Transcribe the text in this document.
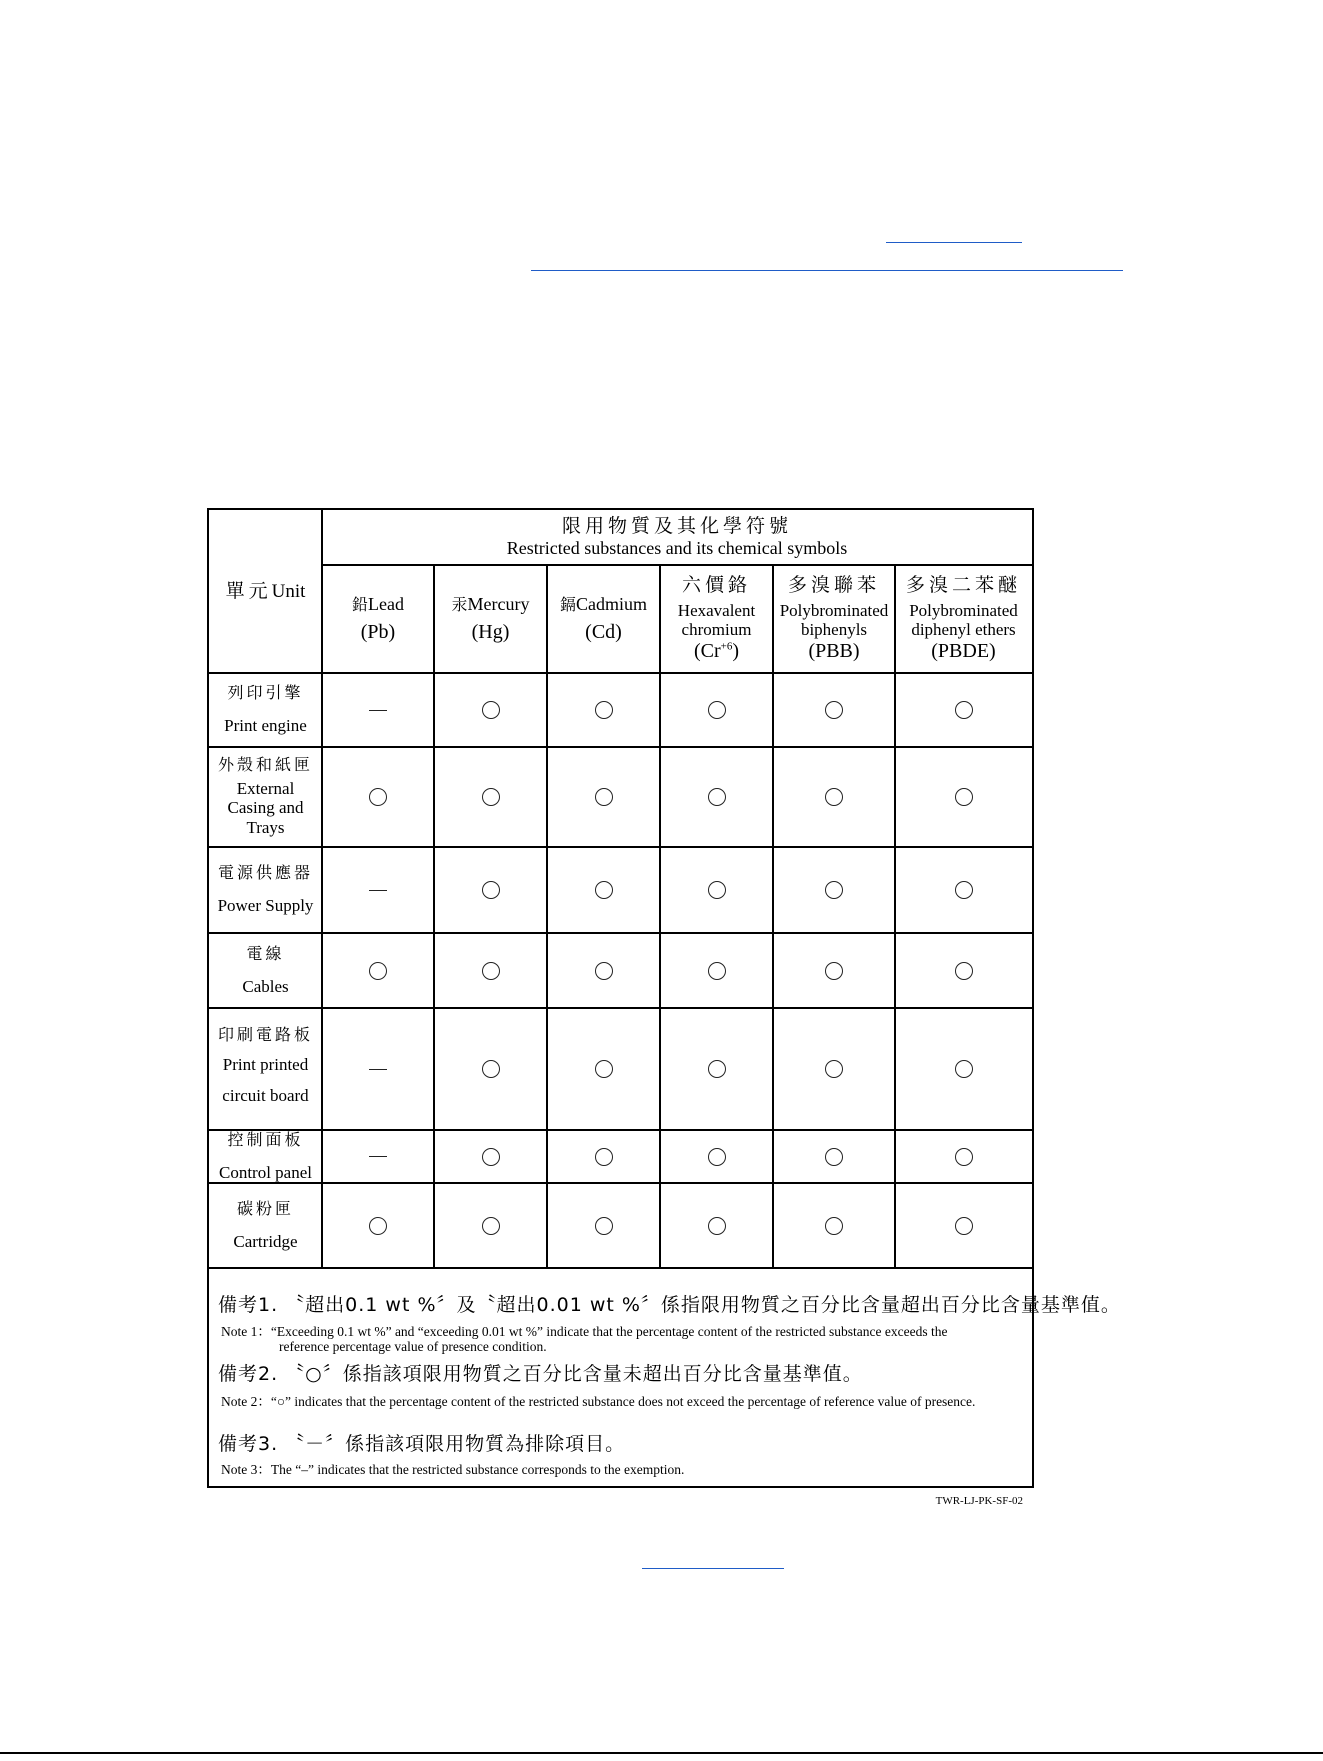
單元Unit
限用物質及其化學符號
Restricted substances and its chemical symbols
鉛Lead
(Pb)
汞Mercury
(Hg)
鎘Cadmium
(Cd)
六價鉻
Hexavalent
chromium
$(Cr^{+6})$
多溴聯苯
Polybrominated
biphenyls
(PBB)
多溴二苯醚
Polybrominated
diphenyl ethers
(PBDE)
列印引擎
Print engine
外殼和紙匣
External
Casing and
Trays
電源供應器
Power Supply
電線
Cables
印刷電路板
Print printed
circuit board
控制面板
Control panel
碳粉匣
Cartridge
備考1. 〝超出0.1 wt %〞及〝超出0.01 wt %〞係指限用物質之百分比含量超出百分比含量基準值。
Note 1：“Exceeding 0.1 wt %” and “exceeding 0.01 wt %” indicate that the percentage content of the restricted substance exceeds the
reference percentage value of presence condition.
備考2. 〝○〞係指該項限用物質之百分比含量未超出百分比含量基準值。
Note 2：“○” indicates that the percentage content of the restricted substance does not exceed the percentage of reference value of presence.
備考3. 〝－〞係指該項限用物質為排除項目。
Note 3：The “–” indicates that the restricted substance corresponds to the exemption.
TWR-LJ-PK-SF-02
